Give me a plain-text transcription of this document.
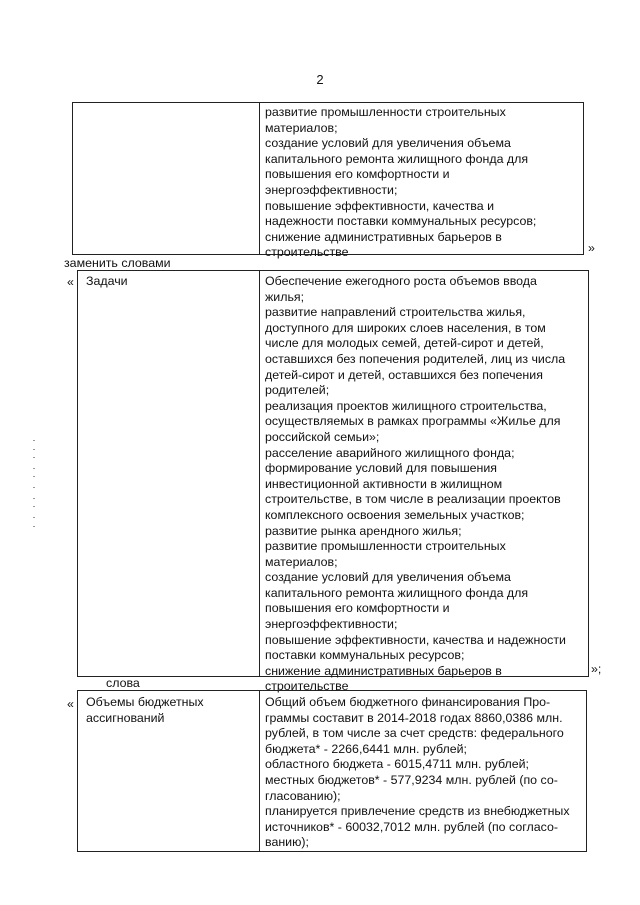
2

развитие промышленности строительных

материалов;

создание условий для увеличения объема

капитального ремонта жилищного фонда для

повышения его комфортности и

энергоэффективности;

повышение эффективности, качества и

надежности поставки коммунальных ресурсов;

снижение административных барьеров в

строительстве	»
заменить словами
« Задачи	Обеспечение ежегодного роста объемов ввода

жилья;

развитие направлений строительства жилья,

доступного для широких слоев населения, в том

числе для молодых семей, детей-сирот и детей,

оставшихся без попечения родителей, лиц из числа

детей-сирот и детей, оставшихся без попечения

родителей;

реализация проектов жилищного строительства,

осуществляемых в рамках программы «Жилье для

российской семьи»;

расселение аварийного жилищного фонда;

формирование условий для повышения

инвестиционной активности в жилищном

строительстве, в том числе в реализации проектов

комплексного освоения земельных участков;

развитие рынка арендного жилья;

развитие промышленности строительных

материалов;

создание условий для увеличения объема

капитального ремонта жилищного фонда для

повышения его комфортности и

энергоэффективности;

повышение эффективности, качества и надежности

поставки коммунальных ресурсов;

снижение административных барьеров в

строительстве

»;
слова
« Объемы бюджетных

ассигнований

Общий объем бюджетного финансирования Про-

граммы составит в 2014-2018 годах 8860,0386 млн.

рублей, в том числе за счет средств: федерального

бюджета* - 2266,6441 млн. рублей;

областного бюджета - 6015,4711 млн. рублей;

местных бюджетов* - 577,9234 млн. рублей (по со-

гласованию);

планируется привлечение средств из внебюджетных

источников* - 60032,7012 млн. рублей (по согласо-

ванию);
